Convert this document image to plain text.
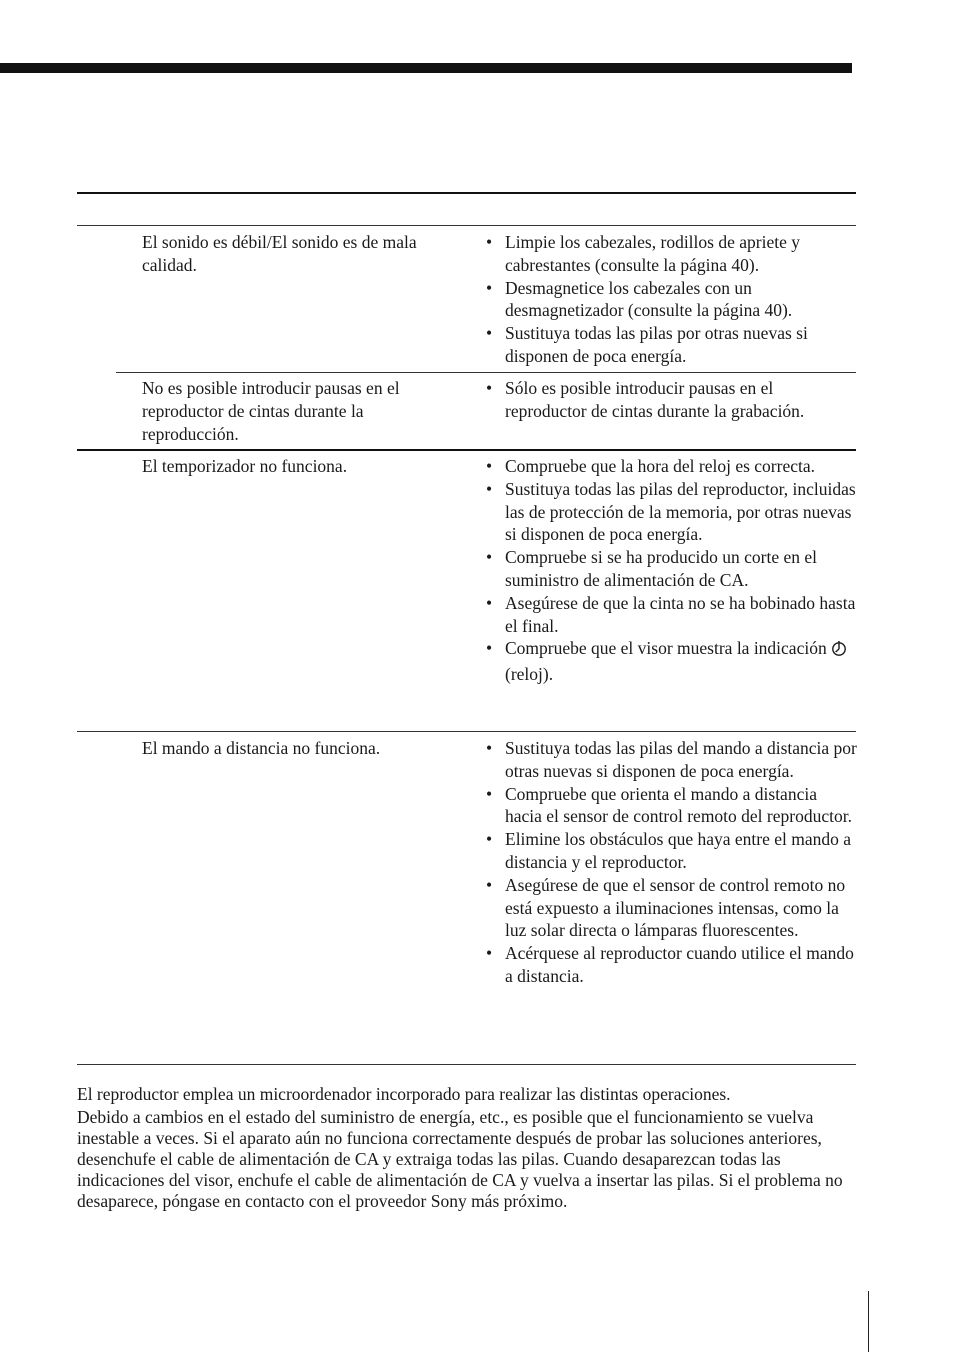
El sonido es débil/El sonido es de mala calidad.
• Limpie los cabezales, rodillos de apriete y cabrestantes (consulte la página 40).
• Desmagnetice los cabezales con un desmagnetizador (consulte la página 40).
• Sustituya todas las pilas por otras nuevas si disponen de poca energía.
No es posible introducir pausas en el reproductor de cintas durante la reproducción.
• Sólo es posible introducir pausas en el reproductor de cintas durante la grabación.
El temporizador no funciona.	• Compruebe que la hora del reloj es correcta.
• Sustituya todas las pilas del reproductor, incluidas las de protección de la memoria, por otras nuevas si disponen de poca energía.
• Compruebe si se ha producido un corte en el suministro de alimentación de CA.
• Asegúrese de que la cinta no se ha bobinado hasta el final.
• Compruebe que el visor muestra la indicación  (reloj).
El mando a distancia no funciona.	• Sustituya todas las pilas del mando a distancia por otras nuevas si disponen de poca energía.
• Compruebe que orienta el mando a distancia hacia el sensor de control remoto del reproductor.
• Elimine los obstáculos que haya entre el mando a distancia y el reproductor.
• Asegúrese de que el sensor de control remoto no está expuesto a iluminaciones intensas, como la luz solar directa o lámparas fluorescentes.
• Acérquese al reproductor cuando utilice el mando a distancia.

El reproductor emplea un microordenador incorporado para realizar las distintas operaciones.

Debido a cambios en el estado del suministro de energía, etc., es posible que el funcionamiento se vuelva inestable a veces. Si el aparato aún no funciona correctamente después de probar las soluciones anteriores, desenchufe el cable de alimentación de CA y extraiga todas las pilas. Cuando desaparezcan todas las indicaciones del visor, enchufe el cable de alimentación de CA y vuelva a insertar las pilas. Si el problema no desaparece, póngase en contacto con el proveedor Sony más próximo.
